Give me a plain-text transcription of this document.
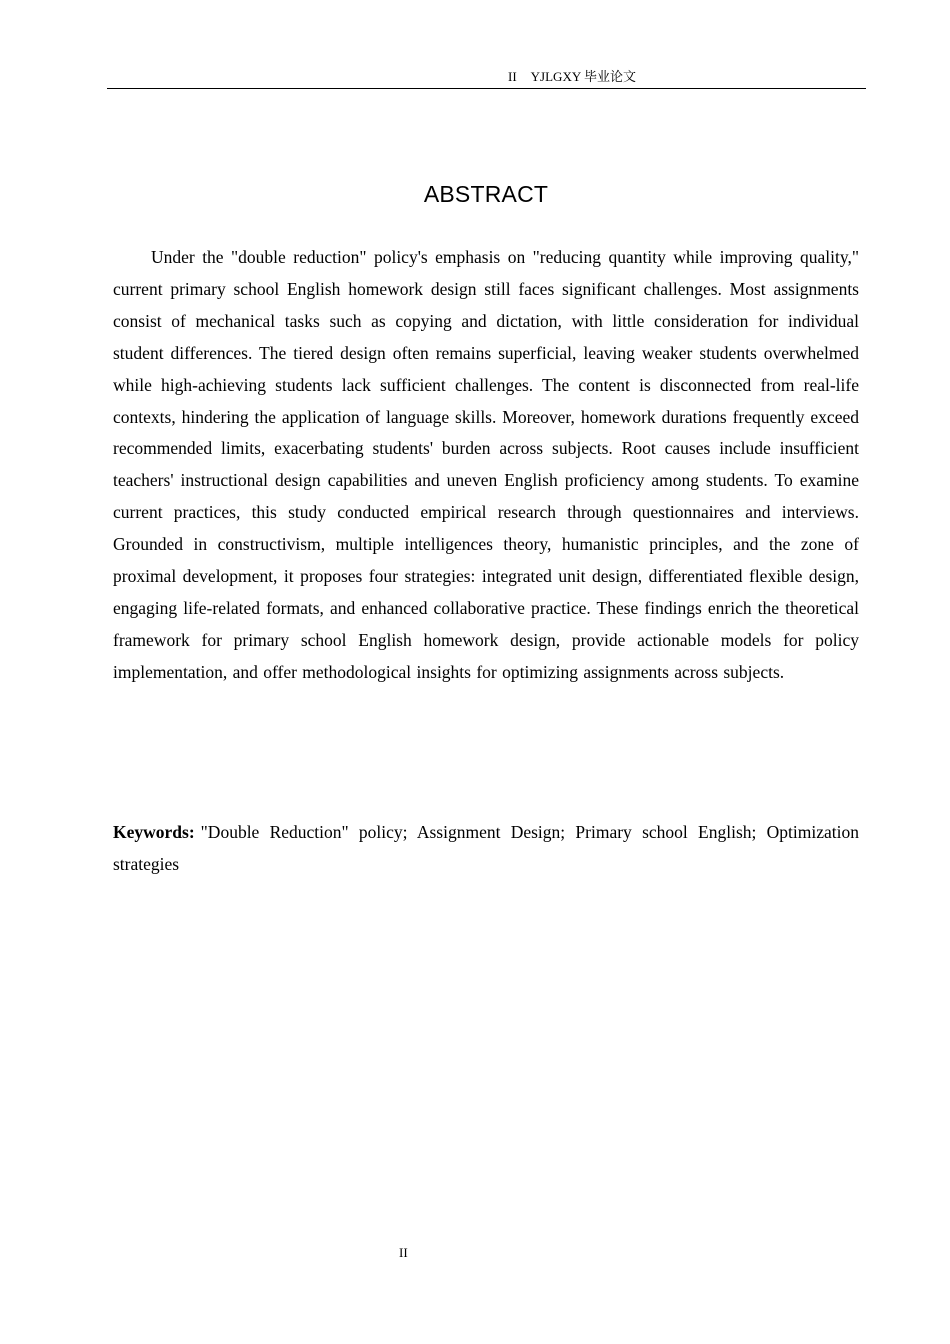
II YJLGXY 毕业论文
ABSTRACT

Under the "double reduction" policy's emphasis on "reducing quantity while improving quality," current primary school English homework design still faces significant challenges. Most assignments consist of mechanical tasks such as copying and dictation, with little consideration for individual student differences. The tiered design often remains superficial, leaving weaker students overwhelmed while high-achieving students lack sufficient challenges. The content is disconnected from real-life contexts, hindering the application of language skills. Moreover, homework durations frequently exceed recommended limits, exacerbating students' burden across subjects. Root causes include insufficient teachers' instructional design capabilities and uneven English proficiency among students. To examine current practices, this study conducted empirical research through questionnaires and interviews. Grounded in constructivism, multiple intelligences theory, humanistic principles, and the zone of proximal development, it proposes four strategies: integrated unit design, differentiated flexible design, engaging life-related formats, and enhanced collaborative practice. These findings enrich the theoretical framework for primary school English homework design, provide actionable models for policy implementation, and offer methodological insights for optimizing assignments across subjects.

Keywords: "Double Reduction" policy; Assignment Design; Primary school English; Optimization strategies

II
